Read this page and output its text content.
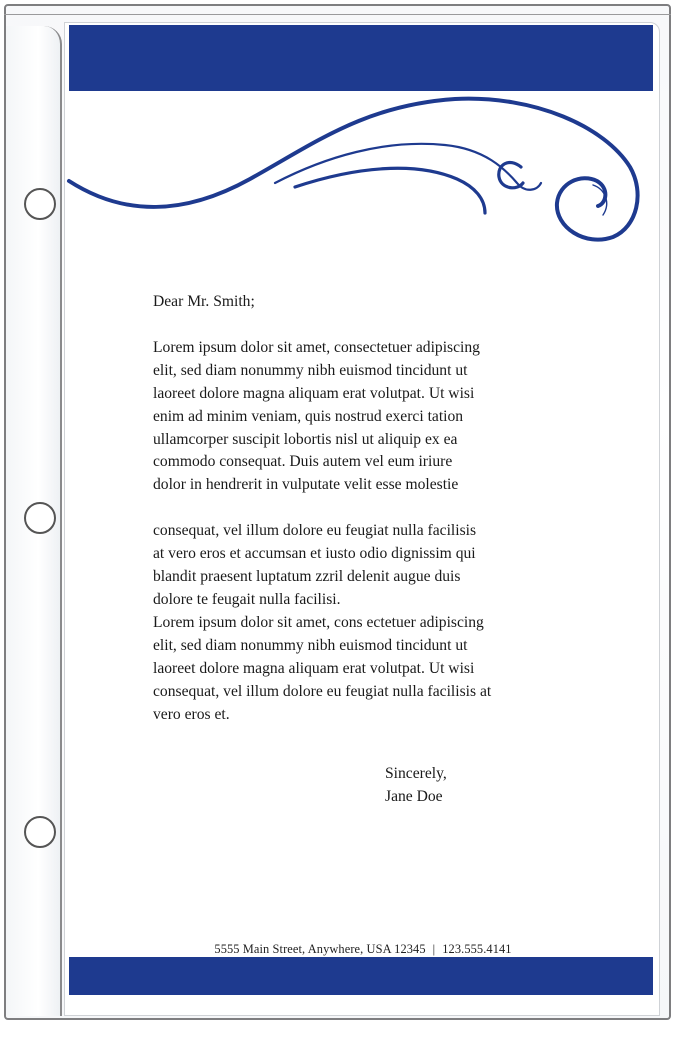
Dear Mr. Smith;

Lorem ipsum dolor sit amet, consectetuer adipiscing
elit, sed diam nonummy nibh euismod tincidunt ut
laoreet dolore magna aliquam erat volutpat. Ut wisi
enim ad minim veniam, quis nostrud exerci tation
ullamcorper suscipit lobortis nisl ut aliquip ex ea
commodo consequat. Duis autem vel eum iriure
dolor in hendrerit in vulputate velit esse molestie

consequat, vel illum dolore eu feugiat nulla facilisis
at vero eros et accumsan et iusto odio dignissim qui
blandit praesent luptatum zzril delenit augue duis
dolore te feugait nulla facilisi.

Lorem ipsum dolor sit amet, cons ectetuer adipiscing
elit, sed diam nonummy nibh euismod tincidunt ut
laoreet dolore magna aliquam erat volutpat. Ut wisi
consequat, vel illum dolore eu feugiat nulla facilisis at
vero eros et.

Sincerely,
Jane Doe
5555 Main Street, Anywhere, USA 12345 | 123.555.4141
